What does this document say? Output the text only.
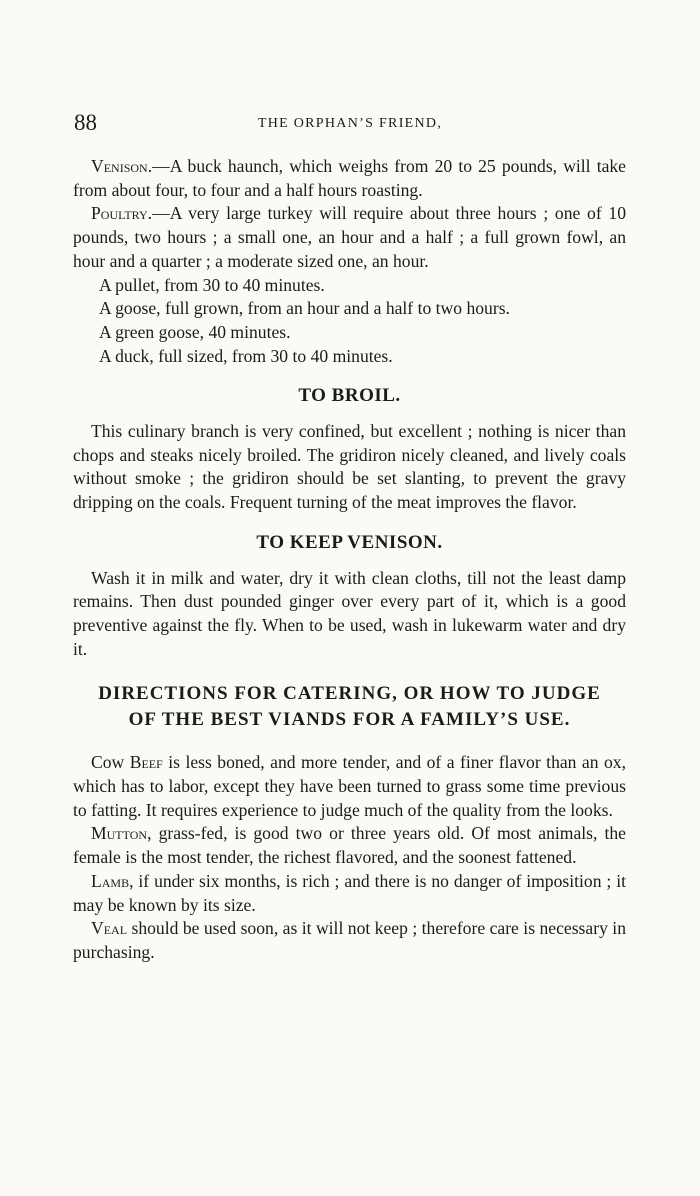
88	THE ORPHAN’S FRIEND,

Venison.—A buck haunch, which weighs from 20 to 25 pounds, will take from about four, to four and a half hours roasting.

Poultry.—A very large turkey will require about three hours ; one of 10 pounds, two hours ; a small one, an hour and a half ; a full grown fowl, an hour and a quarter ; a moderate sized one, an hour.

A pullet, from 30 to 40 minutes.

A goose, full grown, from an hour and a half to two hours.

A green goose, 40 minutes.

A duck, full sized, from 30 to 40 minutes.

TO BROIL.

This culinary branch is very confined, but excellent ; nothing is nicer than chops and steaks nicely broiled. The gridiron nicely cleaned, and lively coals without smoke ; the gridiron should be set slanting, to prevent the gravy dripping on the coals. Frequent turning of the meat improves the flavor.

TO KEEP VENISON.

Wash it in milk and water, dry it with clean cloths, till not the least damp remains. Then dust pounded ginger over every part of it, which is a good preventive against the fly. When to be used, wash in lukewarm water and dry it.

DIRECTIONS FOR CATERING, OR HOW TO JUDGE
OF THE BEST VIANDS FOR A FAMILY’S USE.

Cow Beef is less boned, and more tender, and of a finer flavor than an ox, which has to labor, except they have been turned to grass some time previous to fatting. It requires experience to judge much of the quality from the looks.

Mutton, grass-fed, is good two or three years old. Of most animals, the female is the most tender, the richest flavored, and the soonest fattened.

Lamb, if under six months, is rich ; and there is no danger of imposition ; it may be known by its size.

Veal should be used soon, as it will not keep ; therefore care is necessary in purchasing.
